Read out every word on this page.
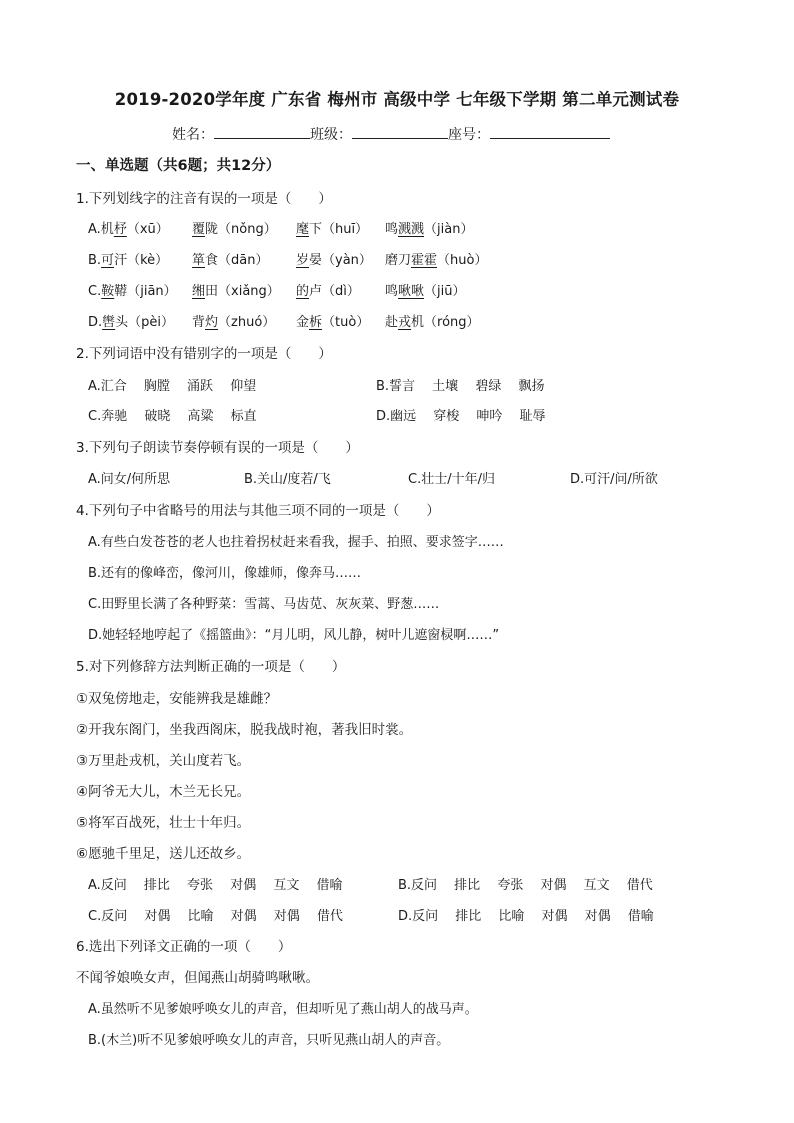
2019-2020学年度 广东省 梅州市 高级中学 七年级下学期 第二单元测试卷
姓名：	班级：	座号：
一、单选题（共6题；共12分）
1.下列划线字的注音有误的一项是（　　）
A.机杼（xū） 覆陇（nǒng） 麾下（huī） 鸣溅溅（jiàn）
B.可汗（kè） 箪食（dān） 岁晏（yàn） 磨刀霍霍（huò）
C.鞍鞯（jiān） 缃田（xiǎng） 的卢（dì） 鸣啾啾（jiū）
D.辔头（pèi） 背灼（zhuó） 金柝（tuò） 赴戎机（róng）
2.下列词语中没有错别字的一项是（　　）
A.汇合　 胸膛　 涌跃　 仰望	B.誓言　 土壤　 碧绿　 飘扬
C.奔驰　 破晓　 高粱　 标直	D.幽远　 穿梭　 呻吟　 耻辱
3.下列句子朗读节奏停顿有误的一项是（　　）
A.问女/何所思	B.关山/度若/飞	C.壮士/十年/归	D.可汗/问/所欲
4.下列句子中省略号的用法与其他三项不同的一项是（　　）
A.有些白发苍苍的老人也拄着拐杖赶来看我，握手、拍照、要求签字……
B.还有的像峰峦，像河川，像雄师，像奔马……
C.田野里长满了各种野菜：雪蒿、马齿苋、灰灰菜、野葱……
D.她轻轻地哼起了《摇篮曲》：“月儿明，风儿静，树叶儿遮窗棂啊……”
5.对下列修辞方法判断正确的一项是（　　）
①双兔傍地走，安能辨我是雄雌？
②开我东阁门，坐我西阁床，脱我战时袍，著我旧时裳。
③万里赴戎机，关山度若飞。
④阿爷无大儿，木兰无长兄。
⑤将军百战死，壮士十年归。
⑥愿驰千里足，送儿还故乡。
A.反问　 排比　 夸张　 对偶　 互文　 借喻	B.反问　 排比　 夸张　 对偶　 互文　 借代
C.反问　 对偶　 比喻　 对偶　 对偶　 借代	D.反问　 排比　 比喻　 对偶　 对偶　 借喻
6.选出下列译文正确的一项（　　）
不闻爷娘唤女声，但闻燕山胡骑鸣啾啾。
A.虽然听不见爹娘呼唤女儿的声音，但却听见了燕山胡人的战马声。
B.(木兰)听不见爹娘呼唤女儿的声音，只听见燕山胡人的声音。
